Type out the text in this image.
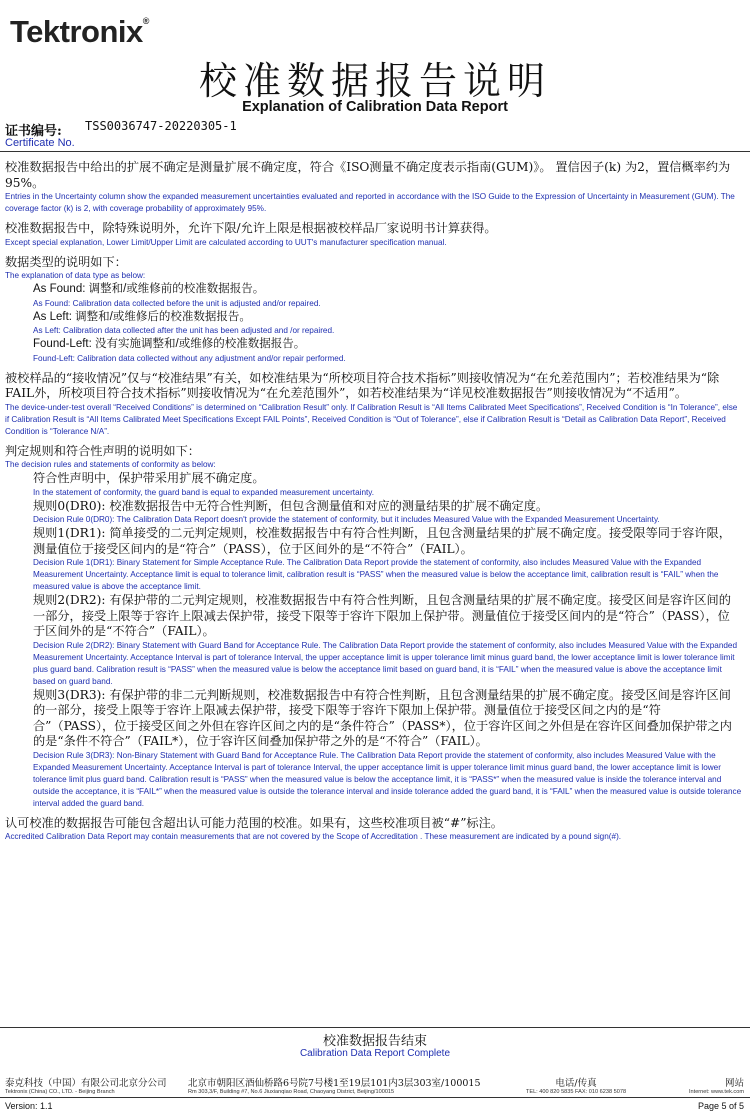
Tektronix®
校准数据报告说明
Explanation of Calibration Data Report
证书编号: TSS0036747-20220305-1
Certificate No.

校准数据报告中给出的扩展不确定是测量扩展不确定度，符合《ISO测量不确定度表示指南(GUM)》。 置信因子(k) 为2，置信概率约为95%。

Entries in the Uncertainty column show the expanded measurement uncertainties evaluated and reported in accordance with the ISO Guide to the Expression of Uncertainty in Measurement (GUM). The coverage factor (k) is 2, with coverage probability of approximately 95%.

校准数据报告中，除特殊说明外，允许下限/允许上限是根据被校样品厂家说明书计算获得。

Except special explanation, Lower Limit/Upper Limit are calculated according to UUT's manufacturer specification manual.

数据类型的说明如下：

The explanation of data type as below:

As Found: 调整和/或维修前的校准数据报告。

As Found: Calibration data collected before the unit is adjusted and/or repaired.

As Left: 调整和/或维修后的校准数据报告。

As Left: Calibration data collected after the unit has been adjusted and /or repaired.

Found-Left: 没有实施调整和/或维修的校准数据报告。

Found-Left: Calibration data collected without any adjustment and/or repair performed.

被校样品的“接收情况”仅与“校准结果”有关，如校准结果为“所校项目符合技术指标”则接收情况为“在允差范围内”；若校准结果为“除FAIL外，所校项目符合技术指标”则接收情况为“在允差范围外”，如若校准结果为“详见校准数据报告”则接收情况为“不适用”。

The device-under-test overall “Received Conditions” is determined on “Calibration Result” only. If Calibration Result is “All Items Calibrated Meet Specifications”, Received Condition is “In Tolerance”, else if Calibration Result is “All Items Calibrated Meet Specifications Except FAIL Points”, Received Condition is “Out of Tolerance”, else if Calibration Result is “Detail as Calibration Data Report”, Received Condition is “Tolerance N/A”.

判定规则和符合性声明的说明如下：

The decision rules and statements of conformity as below:

符合性声明中，保护带采用扩展不确定度。

In the statement of conformity, the guard band is equal to expanded measurement uncertainty.

规则0(DR0): 校准数据报告中无符合性判断，但包含测量值和对应的测量结果的扩展不确定度。

Decision Rule 0(DR0): The Calibration Data Report doesn't provide the statement of conformity, but it includes Measured Value with the Expanded Measurement Uncertainty.

规则1(DR1): 简单接受的二元判定规则，校准数据报告中有符合性判断，且包含测量结果的扩展不确定度。接受限等同于容许限，测量值位于接受区间内的是“符合”（PASS），位于区间外的是“不符合”（FAIL）。

Decision Rule 1(DR1): Binary Statement for Simple Acceptance Rule. The Calibration Data Report provide the statement of conformity, also includes Measured Value with the Expanded Measurement Uncertainty. Acceptance limit is equal to tolerance limit, calibration result is “PASS” when the measured value is below the acceptance limit, calibration result is “FAIL” when the measured value is above the acceptance limit.

规则2(DR2): 有保护带的二元判定规则，校准数据报告中有符合性判断，且包含测量结果的扩展不确定度。接受区间是容许区间的一部分，接受上限等于容许上限减去保护带，接受下限等于容许下限加上保护带。测量值位于接受区间内的是“符合”（PASS），位于区间外的是“不符合”（FAIL）。

Decision Rule 2(DR2): Binary Statement with Guard Band for Acceptance Rule. The Calibration Data Report provide the statement of conformity, also includes Measured Value with the Expanded Measurement Uncertainty. Acceptance Interval is part of tolerance Interval, the upper acceptance limit is upper tolerance limit minus guard band, the lower acceptance limit is lower tolerance limit plus guard band. Calibration result is “PASS” when the measured value is below the acceptance limit based on guard band, it is “FAIL” when the measured value is above the acceptance limit based on guard band.

规则3(DR3): 有保护带的非二元判断规则，校准数据报告中有符合性判断，且包含测量结果的扩展不确定度。接受区间是容许区间的一部分，接受上限等于容许上限减去保护带，接受下限等于容许下限加上保护带。测量值位于接受区间之内的是“符合”（PASS），位于接受区间之外但在容许区间之内的是“条件符合”（PASS*），位于容许区间之外但是在容许区间叠加保护带之内的是“条件不符合”（FAIL*），位于容许区间叠加保护带之外的是“不符合”（FAIL）。

Decision Rule 3(DR3): Non-Binary Statement with Guard Band for Acceptance Rule. The Calibration Data Report provide the statement of conformity, also includes Measured Value with the Expanded Measurement Uncertainty. Acceptance Interval is part of tolerance Interval, the upper acceptance limit is upper tolerance limit minus guard band, the lower acceptance limit is lower tolerance limit plus guard band. Calibration result is “PASS” when the measured value is below the acceptance limit, it is “PASS*” when the measured value is inside the tolerance interval and outside the acceptance, it is “FAIL*” when the measured value is outside the tolerance interval and inside tolerance added the guard band, it is “FAIL” when the measured value is outside tolerance interval added the guard band.

认可校准的数据报告可能包含超出认可能力范围的校准。如果有，这些校准项目被“#”标注。

Accredited Calibration Data Report may contain measurements that are not covered by the Scope of Accreditation . These measurement are indicated by a pound sign(#).

校准数据报告结束
Calibration Data Report Complete
泰克科技（中国）有限公司北京分公司
Tektronix (China) CO., LTD. - Beijing Branch
北京市朝阳区酒仙桥路6号院7号楼1至19层101内3层303室/100015
Rm 303,3/F, Building #7, No.6 Jiuxianqiao Road, Chaoyang District, Beijing/100015
电话/传真
TEL: 400 820 5835 FAX: 010 6238 5078
网站
Internet: www.tek.com
Version: 1.1	Page 5 of 5
